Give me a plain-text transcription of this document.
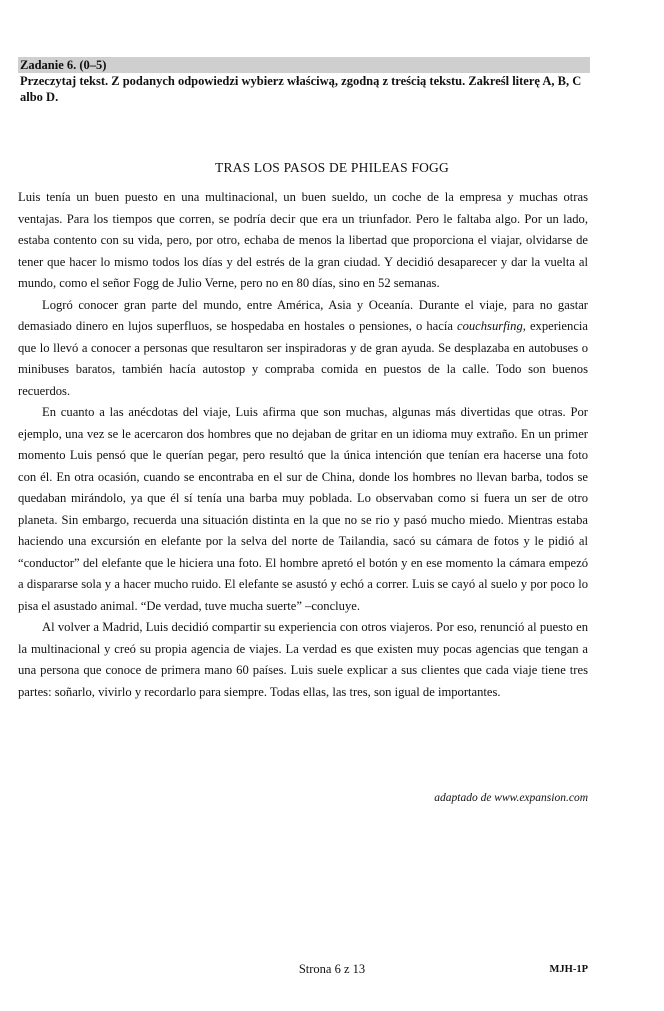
Zadanie 6. (0–5)
Przeczytaj tekst. Z podanych odpowiedzi wybierz właściwą, zgodną z treścią tekstu. Zakreśl literę A, B, C albo D.
TRAS LOS PASOS DE PHILEAS FOGG

Luis tenía un buen puesto en una multinacional, un buen sueldo, un coche de la empresa y muchas otras ventajas. Para los tiempos que corren, se podría decir que era un triunfador. Pero le faltaba algo. Por un lado, estaba contento con su vida, pero, por otro, echaba de menos la libertad que proporciona el viajar, olvidarse de tener que hacer lo mismo todos los días y del estrés de la gran ciudad. Y decidió desaparecer y dar la vuelta al mundo, como el señor Fogg de Julio Verne, pero no en 80 días, sino en 52 semanas.

Logró conocer gran parte del mundo, entre América, Asia y Oceanía. Durante el viaje, para no gastar demasiado dinero en lujos superfluos, se hospedaba en hostales o pensiones, o hacía couchsurfing, experiencia que lo llevó a conocer a personas que resultaron ser inspiradoras y de gran ayuda. Se desplazaba en autobuses o minibuses baratos, también hacía autostop y compraba comida en puestos de la calle. Todo son buenos recuerdos.

En cuanto a las anécdotas del viaje, Luis afirma que son muchas, algunas más divertidas que otras. Por ejemplo, una vez se le acercaron dos hombres que no dejaban de gritar en un idioma muy extraño. En un primer momento Luis pensó que le querían pegar, pero resultó que la única intención que tenían era hacerse una foto con él. En otra ocasión, cuando se encontraba en el sur de China, donde los hombres no llevan barba, todos se quedaban mirándolo, ya que él sí tenía una barba muy poblada. Lo observaban como si fuera un ser de otro planeta. Sin embargo, recuerda una situación distinta en la que no se rio y pasó mucho miedo. Mientras estaba haciendo una excursión en elefante por la selva del norte de Tailandia, sacó su cámara de fotos y le pidió al “conductor” del elefante que le hiciera una foto. El hombre apretó el botón y en ese momento la cámara empezó a dispararse sola y a hacer mucho ruido. El elefante se asustó y echó a correr. Luis se cayó al suelo y por poco lo pisa el asustado animal. “De verdad, tuve mucha suerte” –concluye.

Al volver a Madrid, Luis decidió compartir su experiencia con otros viajeros. Por eso, renunció al puesto en la multinacional y creó su propia agencia de viajes. La verdad es que existen muy pocas agencias que tengan a una persona que conoce de primera mano 60 países. Luis suele explicar a sus clientes que cada viaje tiene tres partes: soñarlo, vivirlo y recordarlo para siempre. Todas ellas, las tres, son igual de importantes.

adaptado de www.expansion.com
Strona 6 z 13	MJH-1P
